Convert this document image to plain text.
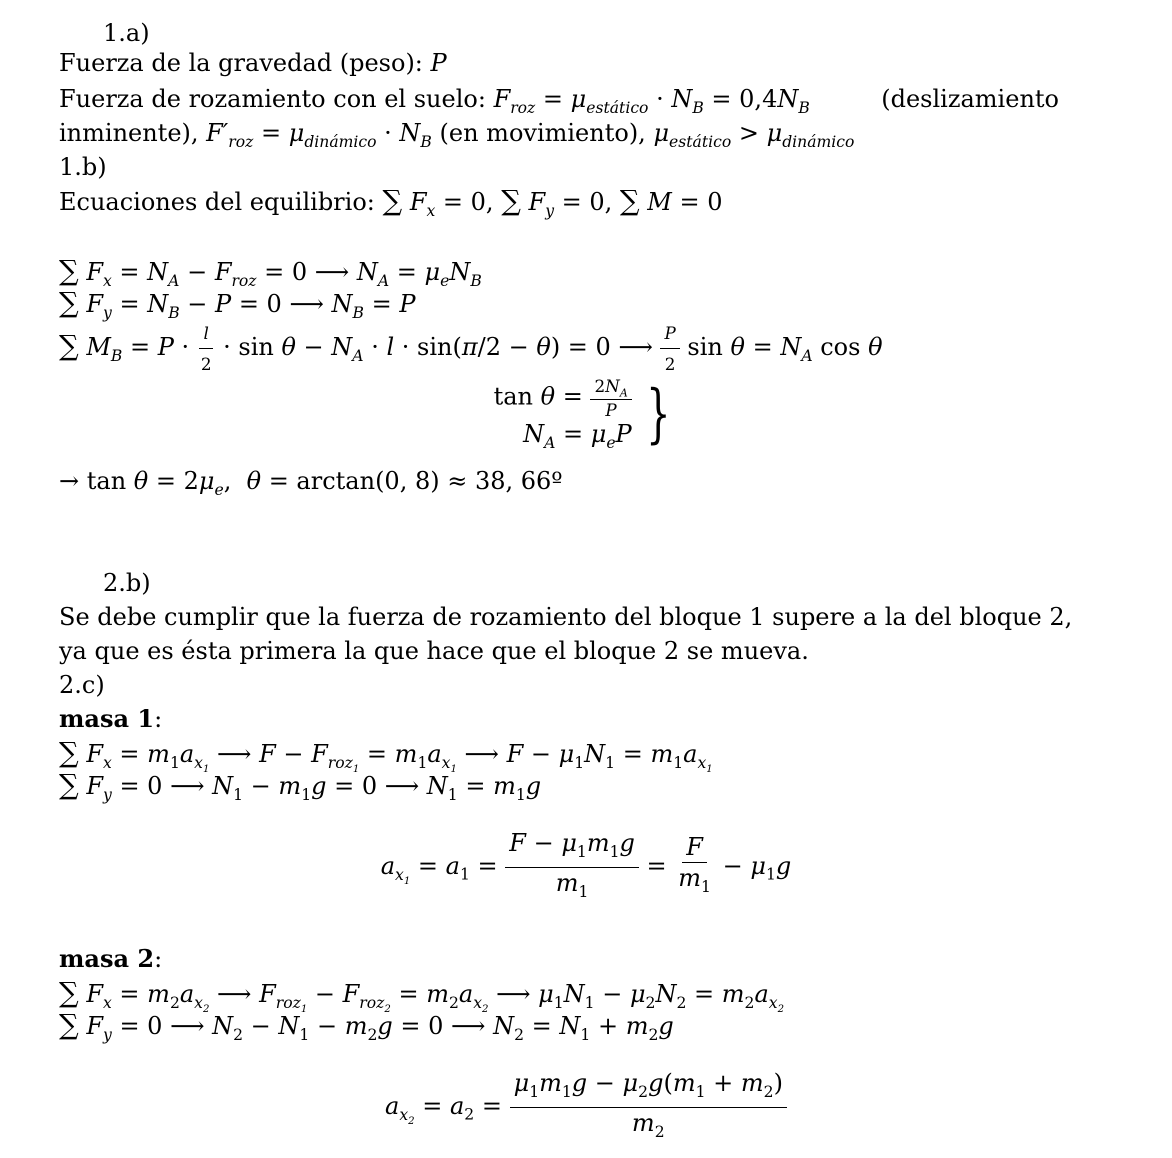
1.a)
Fuerza de la gravedad (peso): P
Fuerza de rozamiento con el suelo: $F_{roz} = \mu_{estático} \cdot N_B = 0,4N_B$	(deslizamiento
inminente), $F'_{roz} = \mu_{dinámico} \cdot N_B$ (en movimiento), $\mu_{estático} > \mu_{dinámico}$
1.b)
Ecuaciones del equilibrio: ∑ $F_x = 0$, ∑ $F_y = 0$, ∑ M = 0
∑ $F_x = N_A - F_{roz} = 0$ ⟶ $N_A = \mu_eN_B$
∑ $F_y = N_B - P = 0$ ⟶ $N_B = P$
∑ $M_B = P \cdot \frac{l}{2} \cdot \sin \theta - N_A \cdot l \cdot \sin(\pi/2 - \theta) = 0$ ⟶ $\frac{P}{2}$ $\sin \theta = N_A$ cos θ
$\tan \theta = \frac{2N_A}{P}$
$N_A = \mu_eP$ }
→ $\tan \theta = 2\mu_e$,  θ = arctan(0, 8) ≈ 38, 66º
2.b)
Se debe cumplir que la fuerza de rozamiento del bloque 1 supere a la del bloque 2,
ya que es ésta primera la que hace que el bloque 2 se mueva.
2.c)
masa 1:
∑ $F_x = m_1a_{x_1}$ ⟶ $F - F_{roz_1} = m_1a_{x_1}$ ⟶ $F - \mu_1N_1 = m_1a_{x_1}$
∑ $F_y = 0$ ⟶ $N_1 - m_1g = 0$ ⟶ $N_1 = m_1g$
$a_{x_1} = a_1 = \frac{F - \mu_1m_1g}{m_1} = \frac{F}{m_1} - \mu_1g$
masa 2:
∑ $F_x = m_2a_{x_2}$ ⟶ $F_{roz_1} - F_{roz_2} = m_2a_{x_2}$ ⟶ $\mu_1N_1 - \mu_2N_2 = m_2a_{x_2}$
∑ $F_y = 0$ ⟶ $N_2 - N_1 - m_2g = 0$ ⟶ $N_2 = N_1 + m_2g$
$a_{x_2} = a_2 = \frac{\mu_1m_1g - \mu_2g(m_1 + m_2)}{m_2}$
